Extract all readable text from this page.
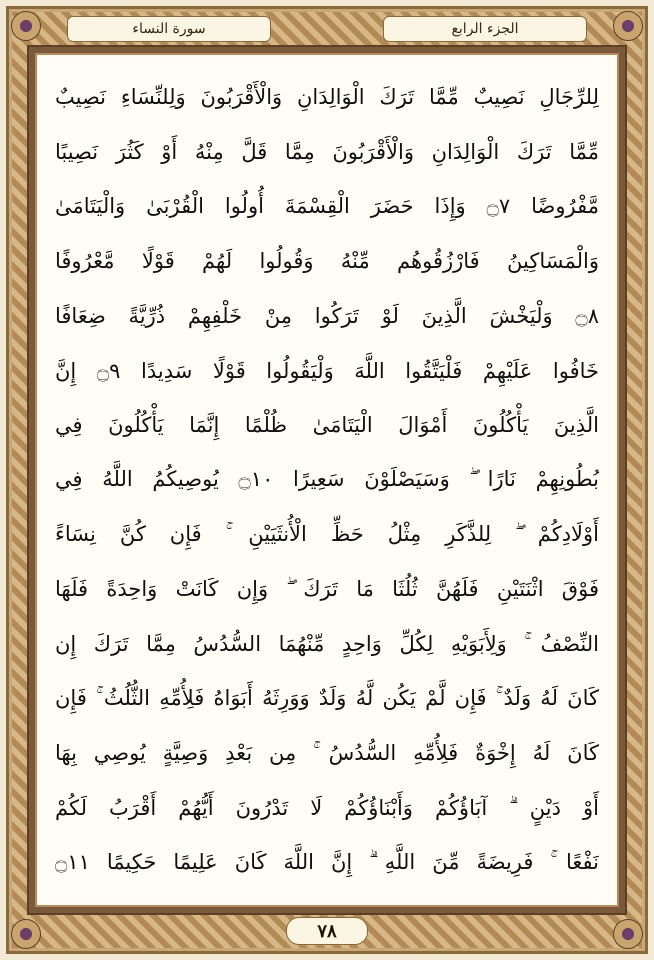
سورة النساء	الجزء الرابع
لِلرِّجَالِ نَصِيبٌ مِّمَّا تَرَكَ الْوَالِدَانِ وَالْأَقْرَبُونَ وَلِلنِّسَاءِ نَصِيبٌ
مِّمَّا تَرَكَ الْوَالِدَانِ وَالْأَقْرَبُونَ مِمَّا قَلَّ مِنْهُ أَوْ كَثُرَ نَصِيبًا
مَّفْرُوضًا ۝٧ وَإِذَا حَضَرَ الْقِسْمَةَ أُولُوا الْقُرْبَىٰ وَالْيَتَامَىٰ
وَالْمَسَاكِينُ فَارْزُقُوهُم مِّنْهُ وَقُولُوا لَهُمْ قَوْلًا مَّعْرُوفًا
۝٨ وَلْيَخْشَ الَّذِينَ لَوْ تَرَكُوا مِنْ خَلْفِهِمْ ذُرِّيَّةً ضِعَافًا
خَافُوا عَلَيْهِمْ فَلْيَتَّقُوا اللَّهَ وَلْيَقُولُوا قَوْلًا سَدِيدًا ۝٩ إِنَّ
الَّذِينَ يَأْكُلُونَ أَمْوَالَ الْيَتَامَىٰ ظُلْمًا إِنَّمَا يَأْكُلُونَ فِي
بُطُونِهِمْ نَارًا ۖ وَسَيَصْلَوْنَ سَعِيرًا ۝١٠ يُوصِيكُمُ اللَّهُ فِي
أَوْلَادِكُمْ ۖ لِلذَّكَرِ مِثْلُ حَظِّ الْأُنثَيَيْنِ ۚ فَإِن كُنَّ نِسَاءً
فَوْقَ اثْنَتَيْنِ فَلَهُنَّ ثُلُثَا مَا تَرَكَ ۖ وَإِن كَانَتْ وَاحِدَةً فَلَهَا
النِّصْفُ ۚ وَلِأَبَوَيْهِ لِكُلِّ وَاحِدٍ مِّنْهُمَا السُّدُسُ مِمَّا تَرَكَ إِن
كَانَ لَهُ وَلَدٌ ۚ فَإِن لَّمْ يَكُن لَّهُ وَلَدٌ وَوَرِثَهُ أَبَوَاهُ فَلِأُمِّهِ الثُّلُثُ ۚ فَإِن
كَانَ لَهُ إِخْوَةٌ فَلِأُمِّهِ السُّدُسُ ۚ مِن بَعْدِ وَصِيَّةٍ يُوصِي بِهَا
أَوْ دَيْنٍ ۗ آبَاؤُكُمْ وَأَبْنَاؤُكُمْ لَا تَدْرُونَ أَيُّهُمْ أَقْرَبُ لَكُمْ
نَفْعًا ۚ فَرِيضَةً مِّنَ اللَّهِ ۗ إِنَّ اللَّهَ كَانَ عَلِيمًا حَكِيمًا ۝١١
٧٨
